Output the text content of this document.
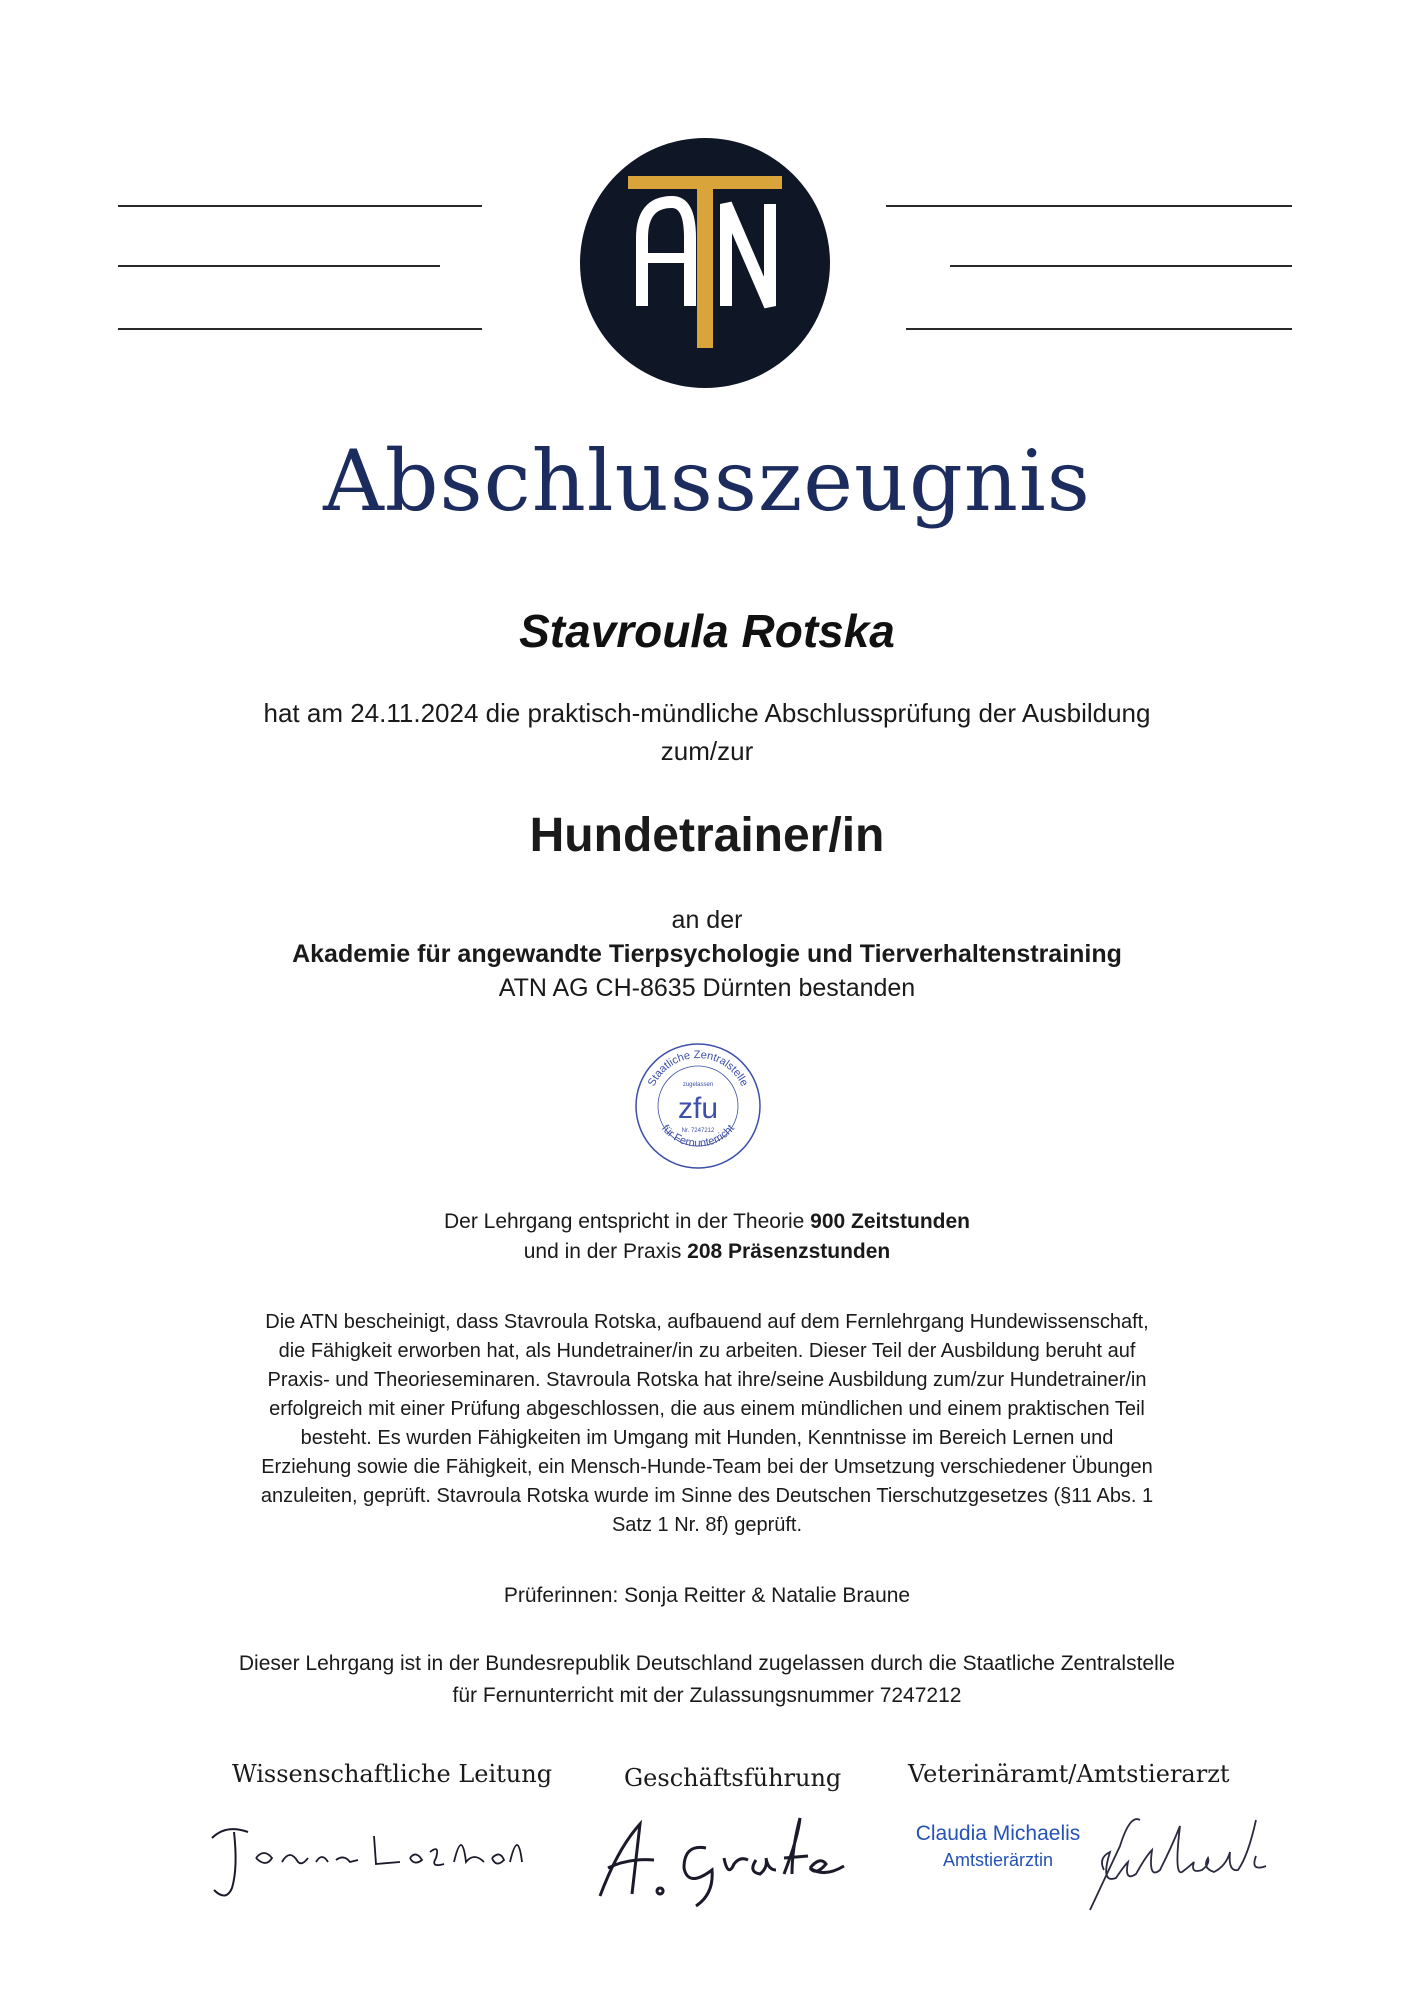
ATN
Abschlusszeugnis
Stavroula Rotska
hat am 24.11.2024 die praktisch-mündliche Abschlussprüfung der Ausbildung
zum/zur
Hundetrainer/in
an der
Akademie für angewandte Tierpsychologie und Tierverhaltenstraining
ATN AG CH-8635 Dürnten bestanden
Staatliche Zentralstelle
für Fernunterricht
zugelassen
zfu
Nr. 7247212
Der Lehrgang entspricht in der Theorie 900 Zeitstunden
und in der Praxis 208 Präsenzstunden
Die ATN bescheinigt, dass Stavroula Rotska, aufbauend auf dem Fernlehrgang Hundewissenschaft,
die Fähigkeit erworben hat, als Hundetrainer/in zu arbeiten. Dieser Teil der Ausbildung beruht auf
Praxis- und Theorieseminaren. Stavroula Rotska hat ihre/seine Ausbildung zum/zur Hundetrainer/in
erfolgreich mit einer Prüfung abgeschlossen, die aus einem mündlichen und einem praktischen Teil
besteht. Es wurden Fähigkeiten im Umgang mit Hunden, Kenntnisse im Bereich Lernen und
Erziehung sowie die Fähigkeit, ein Mensch-Hunde-Team bei der Umsetzung verschiedener Übungen
anzuleiten, geprüft. Stavroula Rotska wurde im Sinne des Deutschen Tierschutzgesetzes (§11 Abs. 1
Satz 1 Nr. 8f) geprüft.
Prüferinnen: Sonja Reitter & Natalie Braune
Dieser Lehrgang ist in der Bundesrepublik Deutschland zugelassen durch die Staatliche Zentralstelle
für Fernunterricht mit der Zulassungsnummer 7247212
Wissenschaftliche Leitung	Geschäftsführung	Veterinäramt/Amtstierarzt
Joachin Leidhold
A. Grafe
Claudia Michaelis
Amtstierärztin
Michaelis
